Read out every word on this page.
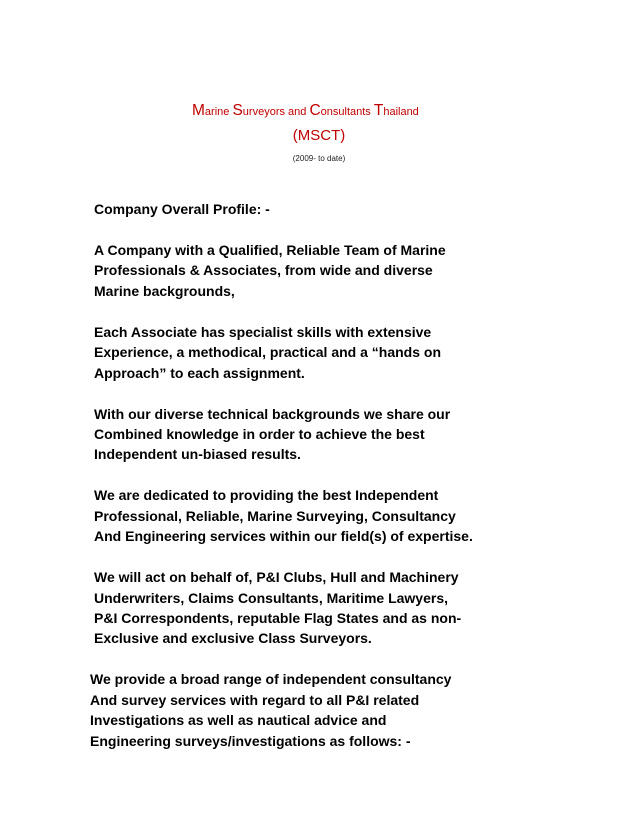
Marine Surveyors and Consultants Thailand
(MSCT)
(2009- to date)

Company Overall Profile: -

A Company with a Qualified, Reliable Team of Marine
Professionals & Associates, from wide and diverse
Marine backgrounds,

Each Associate has specialist skills with extensive
Experience, a methodical, practical and a “hands on
Approach” to each assignment.

With our diverse technical backgrounds we share our
Combined knowledge in order to achieve the best
Independent un-biased results.

We are dedicated to providing the best Independent
Professional, Reliable, Marine Surveying, Consultancy
And Engineering services within our field(s) of expertise.

We will act on behalf of, P&I Clubs, Hull and Machinery
Underwriters, Claims Consultants, Maritime Lawyers,
P&I Correspondents, reputable Flag States and as non-
Exclusive and exclusive Class Surveyors.

We provide a broad range of independent consultancy
And survey services with regard to all P&I related
Investigations as well as nautical advice and
Engineering surveys/investigations as follows: -
